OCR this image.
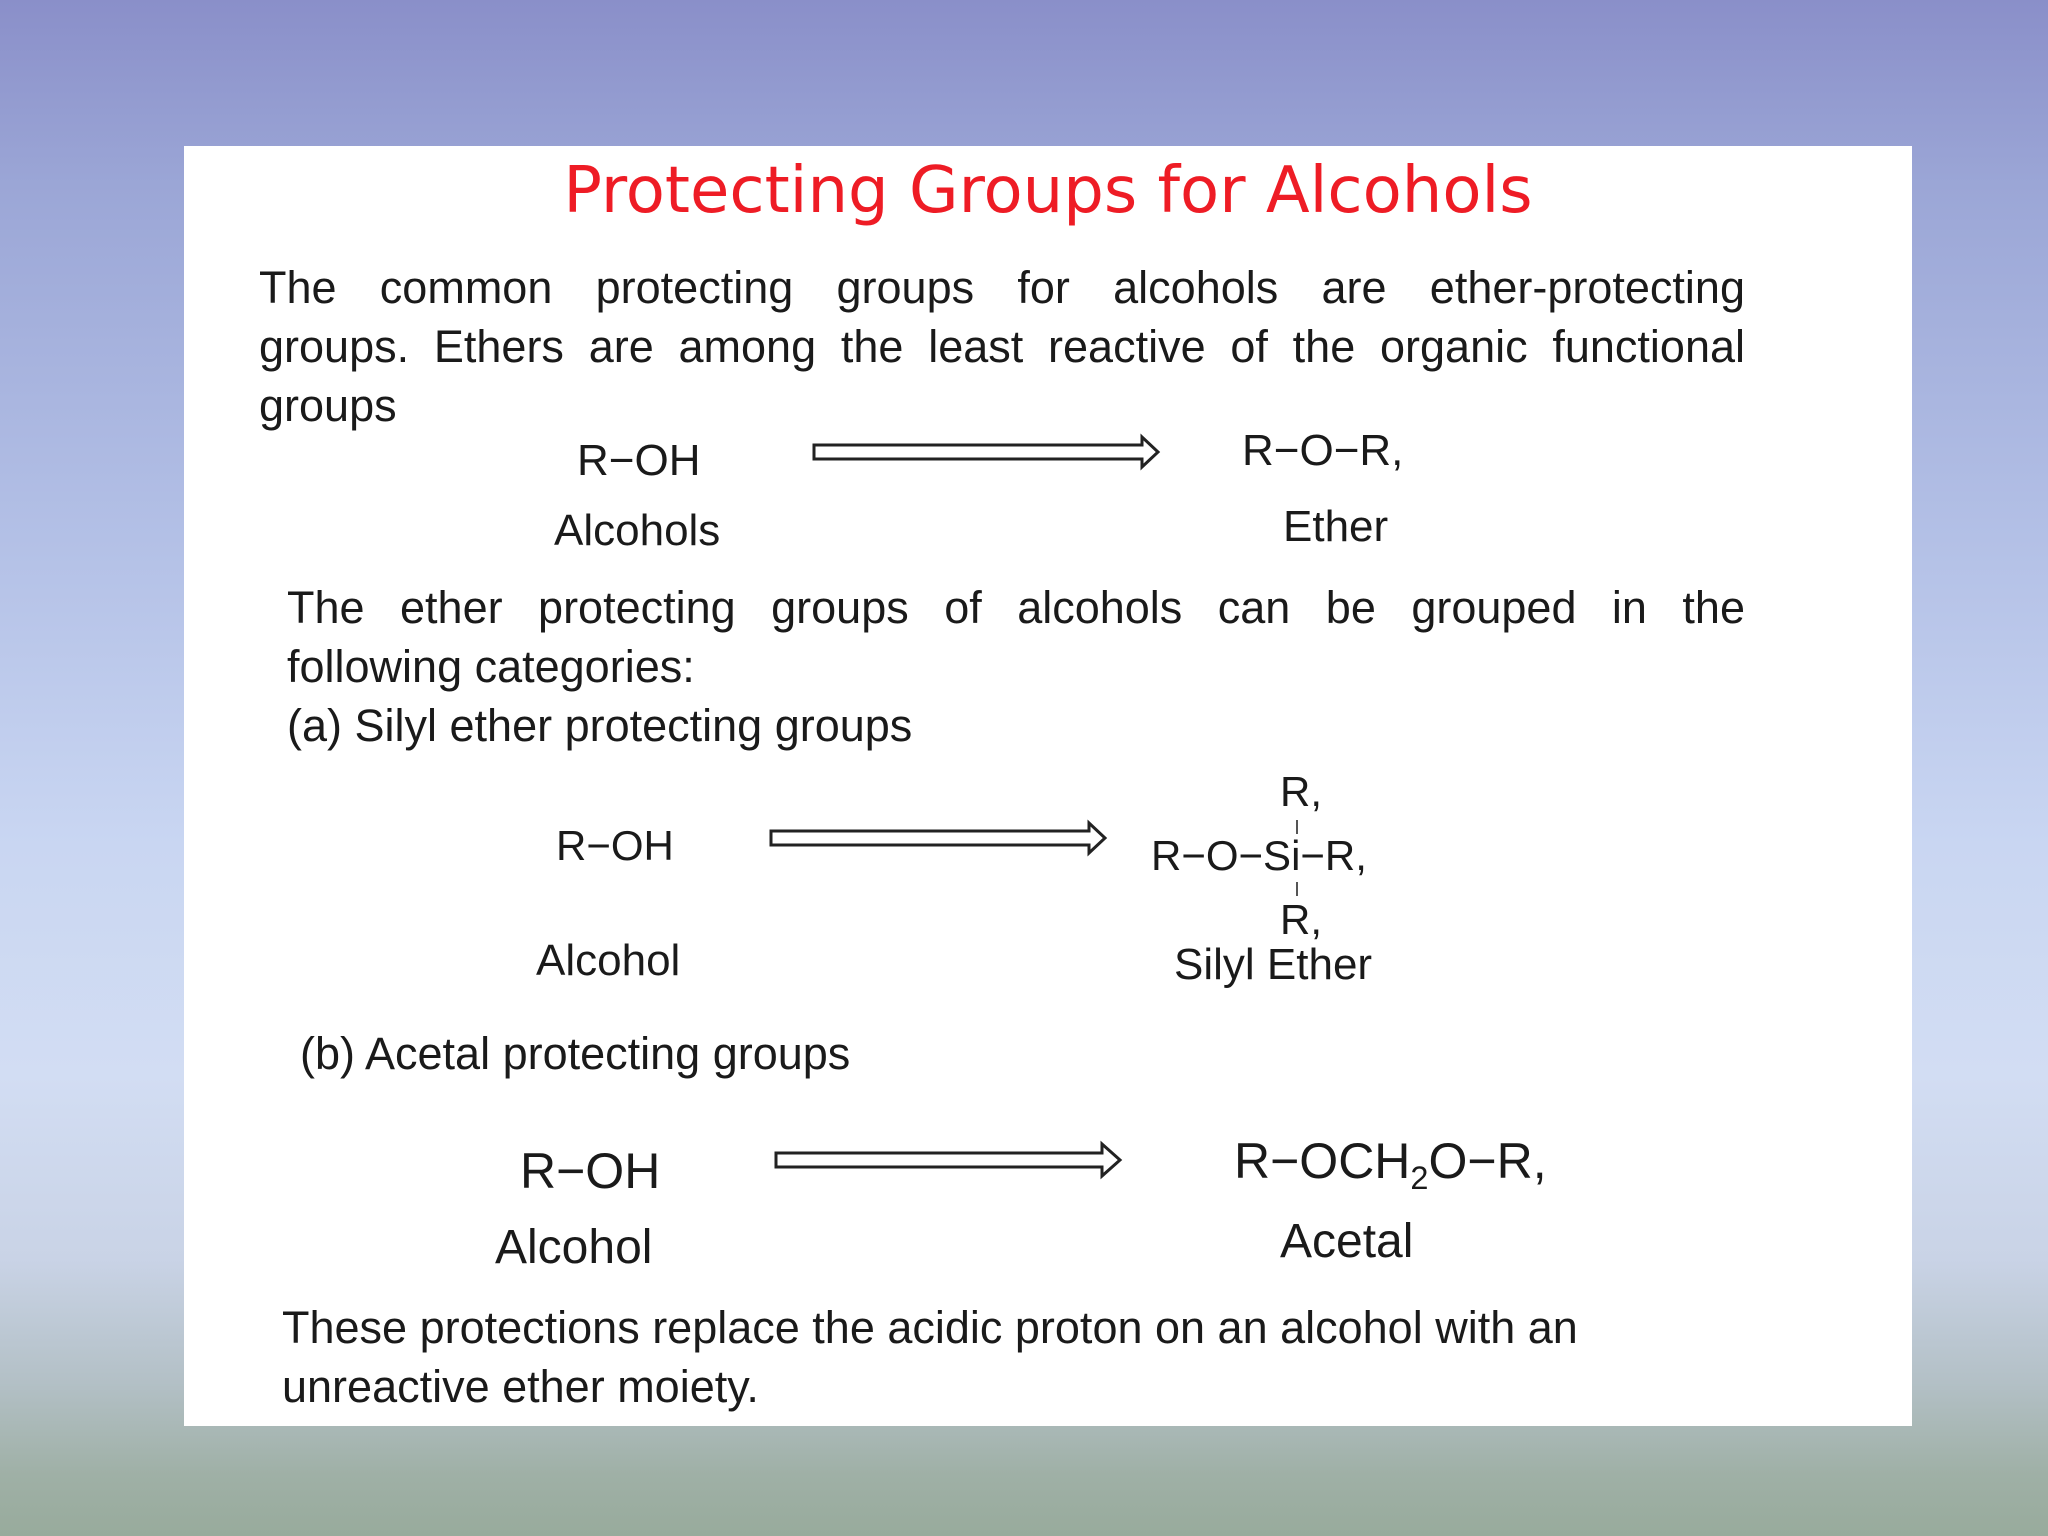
Protecting Groups for Alcohols
The common protecting groups for alcohols are ether-protecting
groups. Ethers are among the least reactive of the organic functional
groups
R−OH
Alcohols
R−O−R,
Ether
The ether protecting groups of alcohols can be grouped in the
following categories:
(a) Silyl ether protecting groups
R−OH
Alcohol
R,
R−O−Si−R,
R,
Silyl Ether
(b) Acetal protecting groups
R−OH
Alcohol
$R-OCH_2O-R$,
Acetal
These protections replace the acidic proton on an alcohol with an
unreactive ether moiety.
